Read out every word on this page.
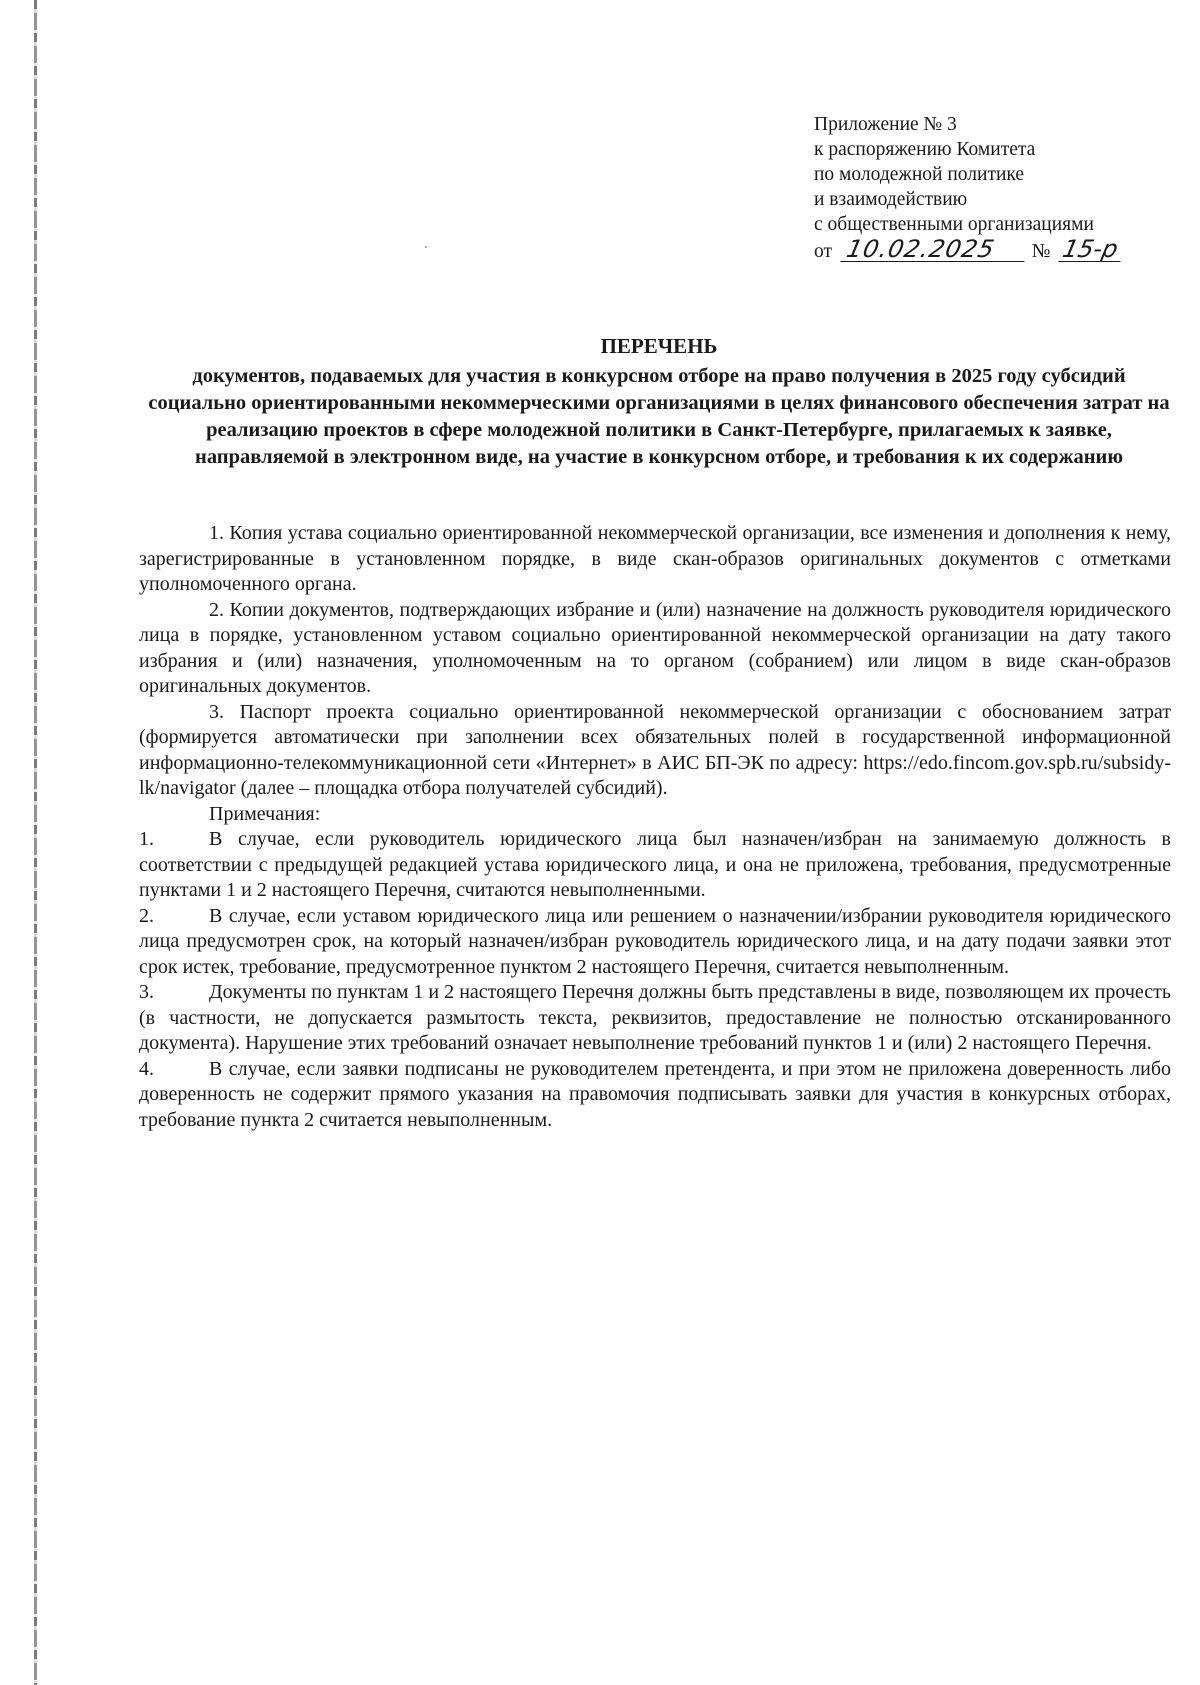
Приложение № 3
к распоряжению Комитета
по молодежной политике
и взаимодействию
с общественными организациями
от 10.02.2025 № 15-р
ПЕРЕЧЕНЬ
документов, подаваемых для участия в конкурсном отборе на право получения в 2025 году субсидий социально ориентированными некоммерческими организациями в целях финансового обеспечения затрат на реализацию проектов в сфере молодежной политики в Санкт-Петербурге, прилагаемых к заявке, направляемой в электронном виде, на участие в конкурсном отборе, и требования к их содержанию

1. Копия устава социально ориентированной некоммерческой организации, все изменения и дополнения к нему, зарегистрированные в установленном порядке, в виде скан-образов оригинальных документов с отметками уполномоченного органа.

2. Копии документов, подтверждающих избрание и (или) назначение на должность руководителя юридического лица в порядке, установленном уставом социально ориентированной некоммерческой организации на дату такого избрания и (или) назначения, уполномоченным на то органом (собранием) или лицом в виде скан-образов оригинальных документов.

3. Паспорт проекта социально ориентированной некоммерческой организации с обоснованием затрат (формируется автоматически при заполнении всех обязательных полей в государственной информационной информационно-телекоммуникационной сети «Интернет» в АИС БП-ЭК по адресу: https://edo.fincom.gov.spb.ru/subsidy-lk/navigator (далее – площадка отбора получателей субсидий).

Примечания:

1.	В случае, если руководитель юридического лица был назначен/избран на занимаемую должность в соответствии с предыдущей редакцией устава юридического лица, и она не приложена, требования, предусмотренные пунктами 1 и 2 настоящего Перечня, считаются невыполненными.

2.	В случае, если уставом юридического лица или решением о назначении/избрании руководителя юридического лица предусмотрен срок, на который назначен/избран руководитель юридического лица, и на дату подачи заявки этот срок истек, требование, предусмотренное пунктом 2 настоящего Перечня, считается невыполненным.

3.	Документы по пунктам 1 и 2 настоящего Перечня должны быть представлены в виде, позволяющем их прочесть (в частности, не допускается размытость текста, реквизитов, предоставление не полностью отсканированного документа). Нарушение этих требований означает невыполнение требований пунктов 1 и (или) 2 настоящего Перечня.

4.	В случае, если заявки подписаны не руководителем претендента, и при этом не приложена доверенность либо доверенность не содержит прямого указания на правомочия подписывать заявки для участия в конкурсных отборах, требование пункта 2 считается невыполненным.
